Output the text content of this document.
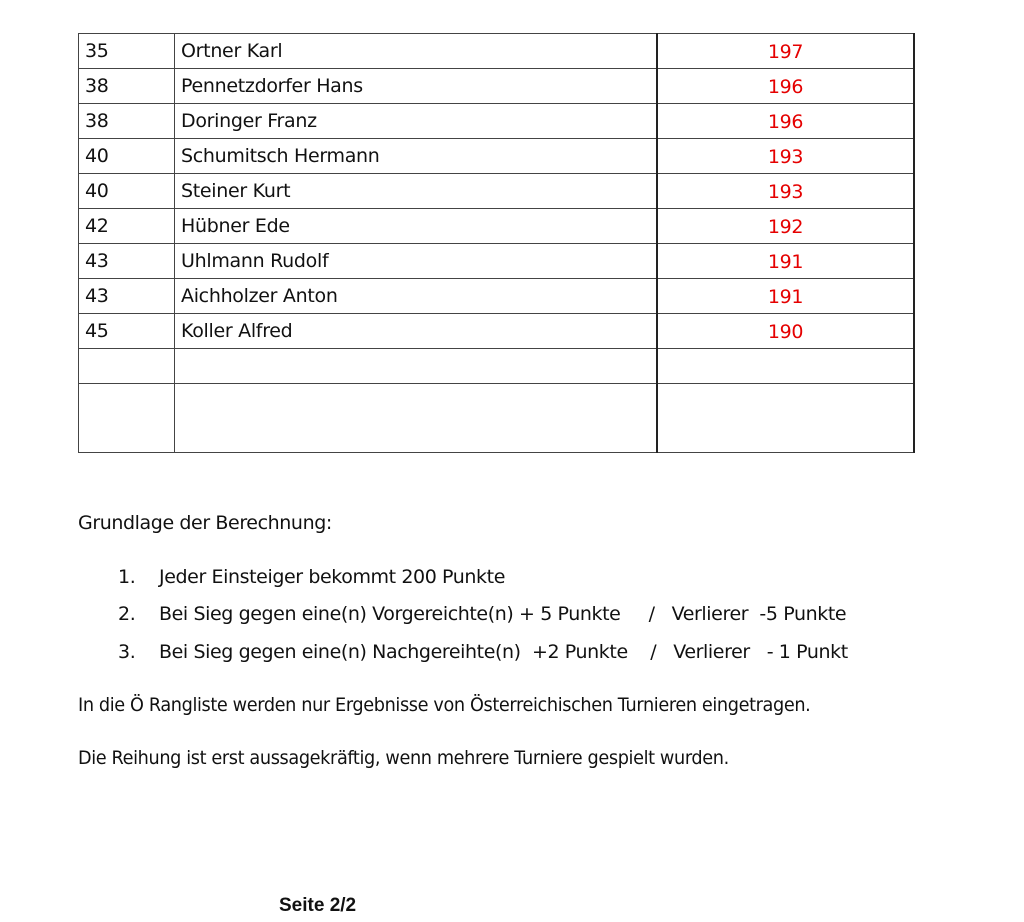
35	Ortner Karl	197

38	Pennetzdorfer Hans	196

38	Doringer Franz	196

40	Schumitsch Hermann	193

40	Steiner Kurt	193

42	Hübner Ede	192

43	Uhlmann Rudolf	191

43	Aichholzer Anton	191

45	Koller Alfred	190

Grundlage der Berechnung:
1. Jeder Einsteiger bekommt 200 Punkte
2. Bei Sieg gegen eine(n) Vorgereichte(n) + 5 Punkte     /   Verlierer  -5 Punkte
3. Bei Sieg gegen eine(n) Nachgereihte(n)  +2 Punkte    /   Verlierer   - 1 Punkt
In die Ö Rangliste werden nur Ergebnisse von Österreichischen Turnieren eingetragen.
Die Reihung ist erst aussagekräftig, wenn mehrere Turniere gespielt wurden.
Seite 2/2
